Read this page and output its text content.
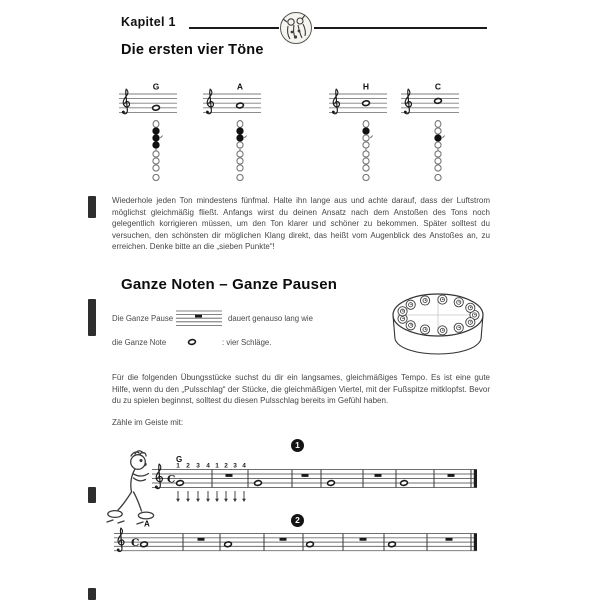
Kapitel 1
Die ersten vier Töne
G	A	H	C
Wiederhole jeden Ton mindestens fünfmal. Halte ihn lange aus und achte darauf, dass der Luftstrom möglichst gleichmäßig fließt. Anfangs wirst du deinen Ansatz nach dem Anstoßen des Tons noch gelegentlich korrigieren müssen, um den Ton klarer und schöner zu bekommen. Später solltest du versuchen, den schönsten dir möglichen Klang direkt, das heißt vom Augenblick des Anstoßes an, zu erreichen. Denke bitte an die „sieben Punkte“!
Ganze Noten – Ganze Pausen
Die Ganze Pause	dauert genauso lang wie
die Ganze Note	: vier Schläge.
Für die folgenden Übungsstücke suchst du dir ein langsames, gleichmäßiges Tempo. Es ist eine gute Hilfe, wenn du den „Pulsschlag“ der Stücke, die gleichmäßigen Viertel, mit der Fußspitze mitklopfst. Bevor du zu spielen beginnst, solltest du diesen Pulsschlag bereits im Gefühl haben.
Zähle im Geiste mit:
1
C
G
1 2 3 4 1 2 3 4
2
C
A
